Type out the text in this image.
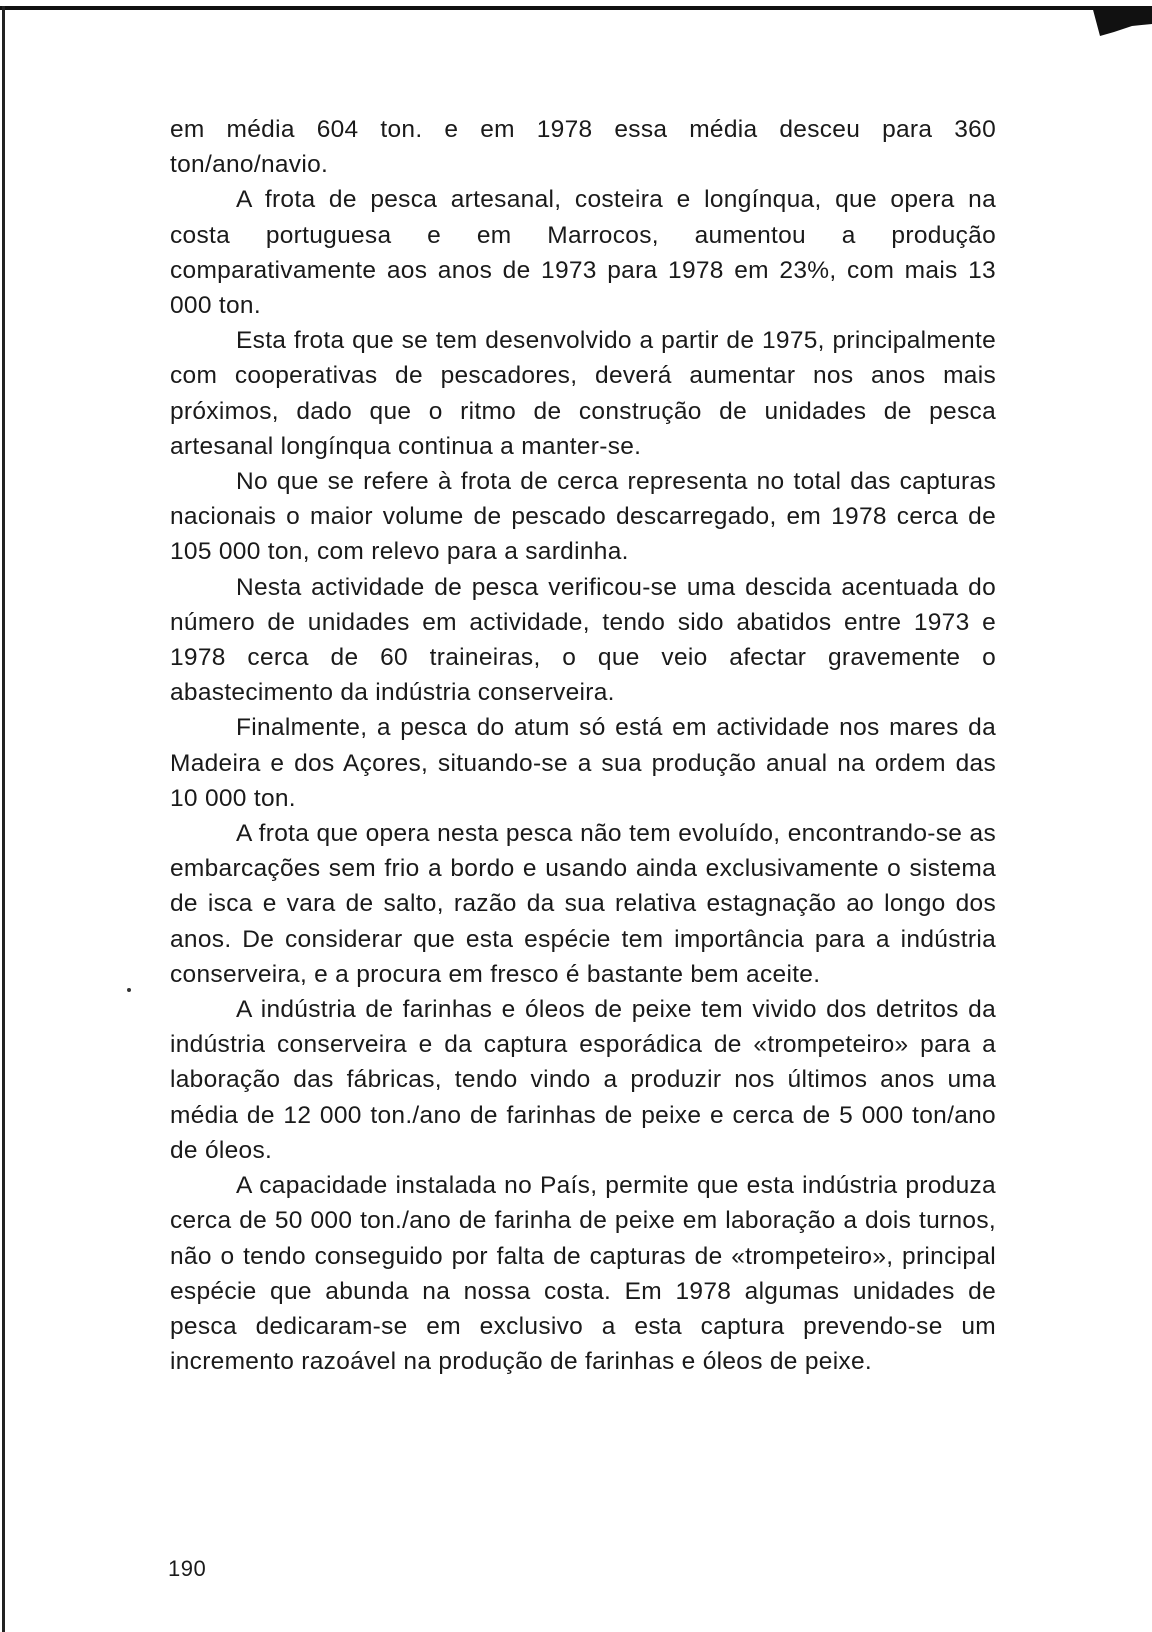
em média 604 ton. e em 1978 essa média desceu para 360 ton/ano/navio.

A frota de pesca artesanal, costeira e longínqua, que opera na costa portuguesa e em Marrocos, aumentou a produção comparativamente aos anos de 1973 para 1978 em 23%, com mais 13 000 ton.

Esta frota que se tem desenvolvido a partir de 1975, principalmente com cooperativas de pescadores, deverá aumentar nos anos mais próximos, dado que o ritmo de construção de unidades de pesca artesanal longínqua continua a manter-se.

No que se refere à frota de cerca representa no total das capturas nacionais o maior volume de pescado descarregado, em 1978 cerca de 105 000 ton, com relevo para a sardinha.

Nesta actividade de pesca verificou-se uma descida acentuada do número de unidades em actividade, tendo sido abatidos entre 1973 e 1978 cerca de 60 traineiras, o que veio afectar gravemente o abastecimento da indústria conserveira.

Finalmente, a pesca do atum só está em actividade nos mares da Madeira e dos Açores, situando-se a sua produção anual na ordem das 10 000 ton.

A frota que opera nesta pesca não tem evoluído, encontrando-se as embarcações sem frio a bordo e usando ainda exclusivamente o sistema de isca e vara de salto, razão da sua relativa estagnação ao longo dos anos. De considerar que esta espécie tem importância para a indústria conserveira, e a procura em fresco é bastante bem aceite.

A indústria de farinhas e óleos de peixe tem vivido dos detritos da indústria conserveira e da captura esporádica de «trompeteiro» para a laboração das fábricas, tendo vindo a produzir nos últimos anos uma média de 12 000 ton./ano de farinhas de peixe e cerca de 5 000 ton/ano de óleos.

A capacidade instalada no País, permite que esta indústria produza cerca de 50 000 ton./ano de farinha de peixe em laboração a dois turnos, não o tendo conseguido por falta de capturas de «trompeteiro», principal espécie que abunda na nossa costa. Em 1978 algumas unidades de pesca dedicaram-se em exclusivo a esta captura prevendo-se um incremento razoável na produção de farinhas e óleos de peixe.

190
